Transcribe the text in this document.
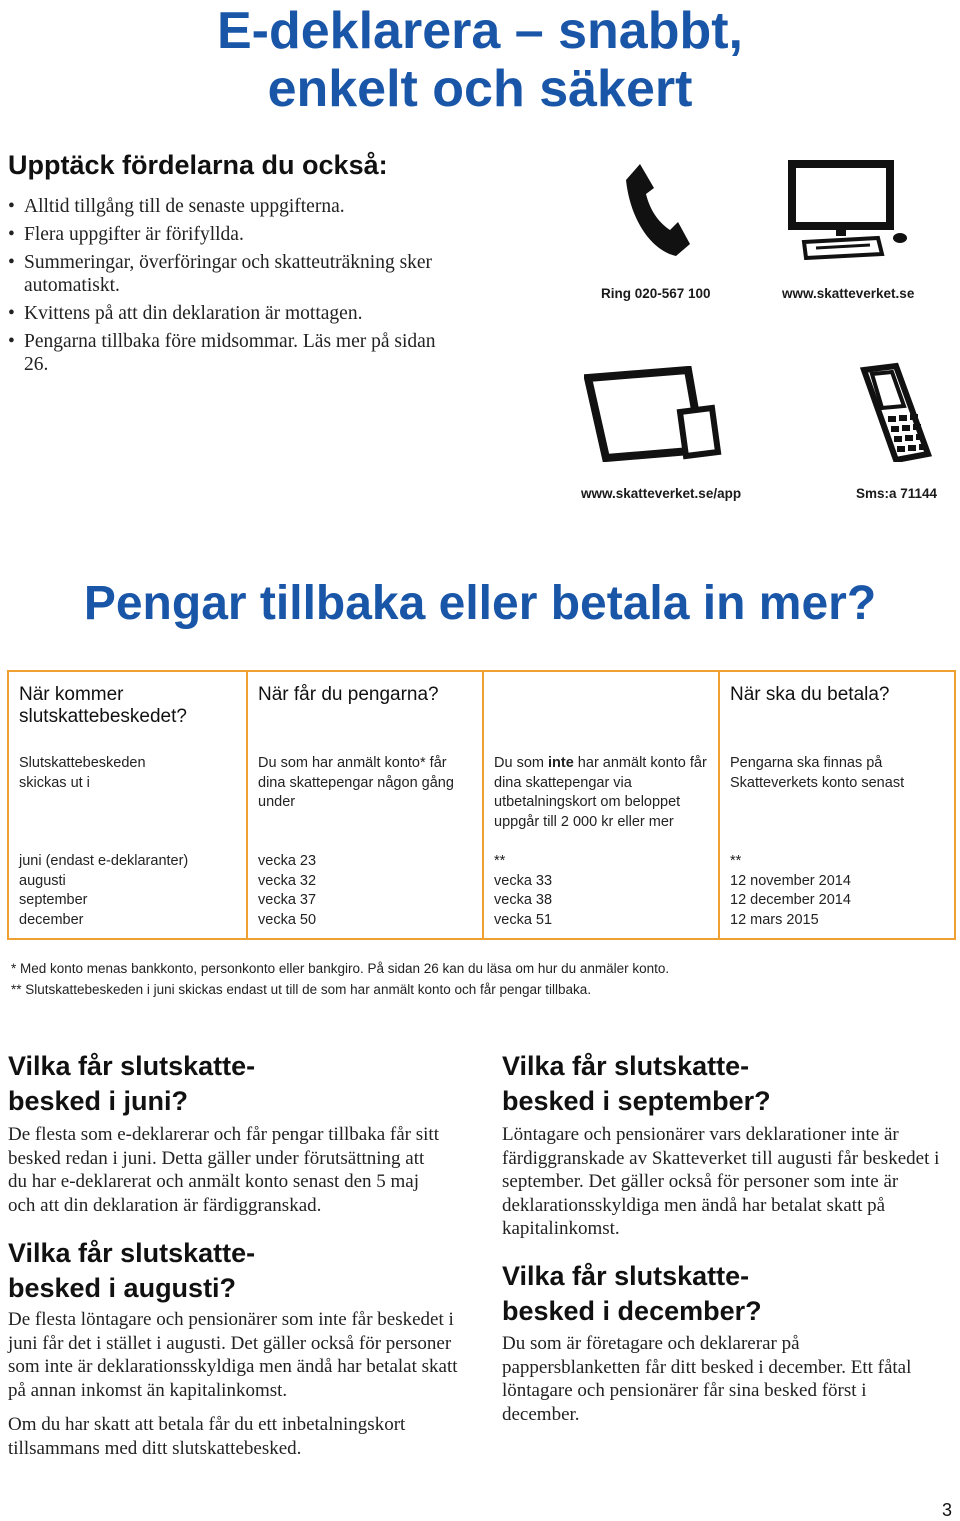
E-deklarera – snabbt,
enkelt och säkert
Upptäck fördelarna du också:
• Alltid tillgång till de senaste uppgifterna.
• Flera uppgifter är förifyllda.
• Summeringar, överföringar och skatteuträkning sker automatiskt.
• Kvittens på att din deklaration är mottagen.
• Pengarna tillbaka före midsommar. Läs mer på sidan 26.
Ring 020-567 100	www.skatteverket.se
www.skatteverket.se/app	Sms:a 71144
Pengar tillbaka eller betala in mer?
När kommer slutskattebeskedet?
Slutskattebeskeden skickas ut i
juni (endast e-deklaranter)
augusti
september
december
När får du pengarna?
Du som har anmält konto* får dina skattepengar någon gång under
vecka 23
vecka 32
vecka 37
vecka 50
Du som inte har anmält konto får dina skattepengar via utbetalningskort om beloppet uppgår till 2 000 kr eller mer
**
vecka 33
vecka 38
vecka 51
När ska du betala?
Pengarna ska finnas på Skatteverkets konto senast
**
12 november 2014
12 december 2014
12 mars 2015
* Med konto menas bankkonto, personkonto eller bankgiro. På sidan 26 kan du läsa om hur du anmäler konto.
** Slutskattebeskeden i juni skickas endast ut till de som har anmält konto och får pengar tillbaka.
Vilka får slutskatte-besked i juni?
De flesta som e-deklarerar och får pengar tillbaka får sitt besked redan i juni. Detta gäller under förutsättning att du har e-deklarerat och anmält konto senast den 5 maj och att din deklaration är färdiggranskad.
Vilka får slutskatte-besked i augusti?
De flesta löntagare och pensionärer som inte får beskedet i juni får det i stället i augusti. Det gäller också för personer som inte är deklarationsskyldiga men ändå har betalat skatt på annan inkomst än kapitalinkomst.
Om du har skatt att betala får du ett inbetalningskort tillsammans med ditt slutskattebesked.
Vilka får slutskatte-besked i september?
Löntagare och pensionärer vars deklarationer inte är färdiggranskade av Skatteverket till augusti får beskedet i september. Det gäller också för personer som inte är deklarationsskyldiga men ändå har betalat skatt på kapitalinkomst.
Vilka får slutskatte-besked i december?
Du som är företagare och deklarerar på pappersblanketten får ditt besked i december. Ett fåtal löntagare och pensionärer får sina besked först i december.
3
